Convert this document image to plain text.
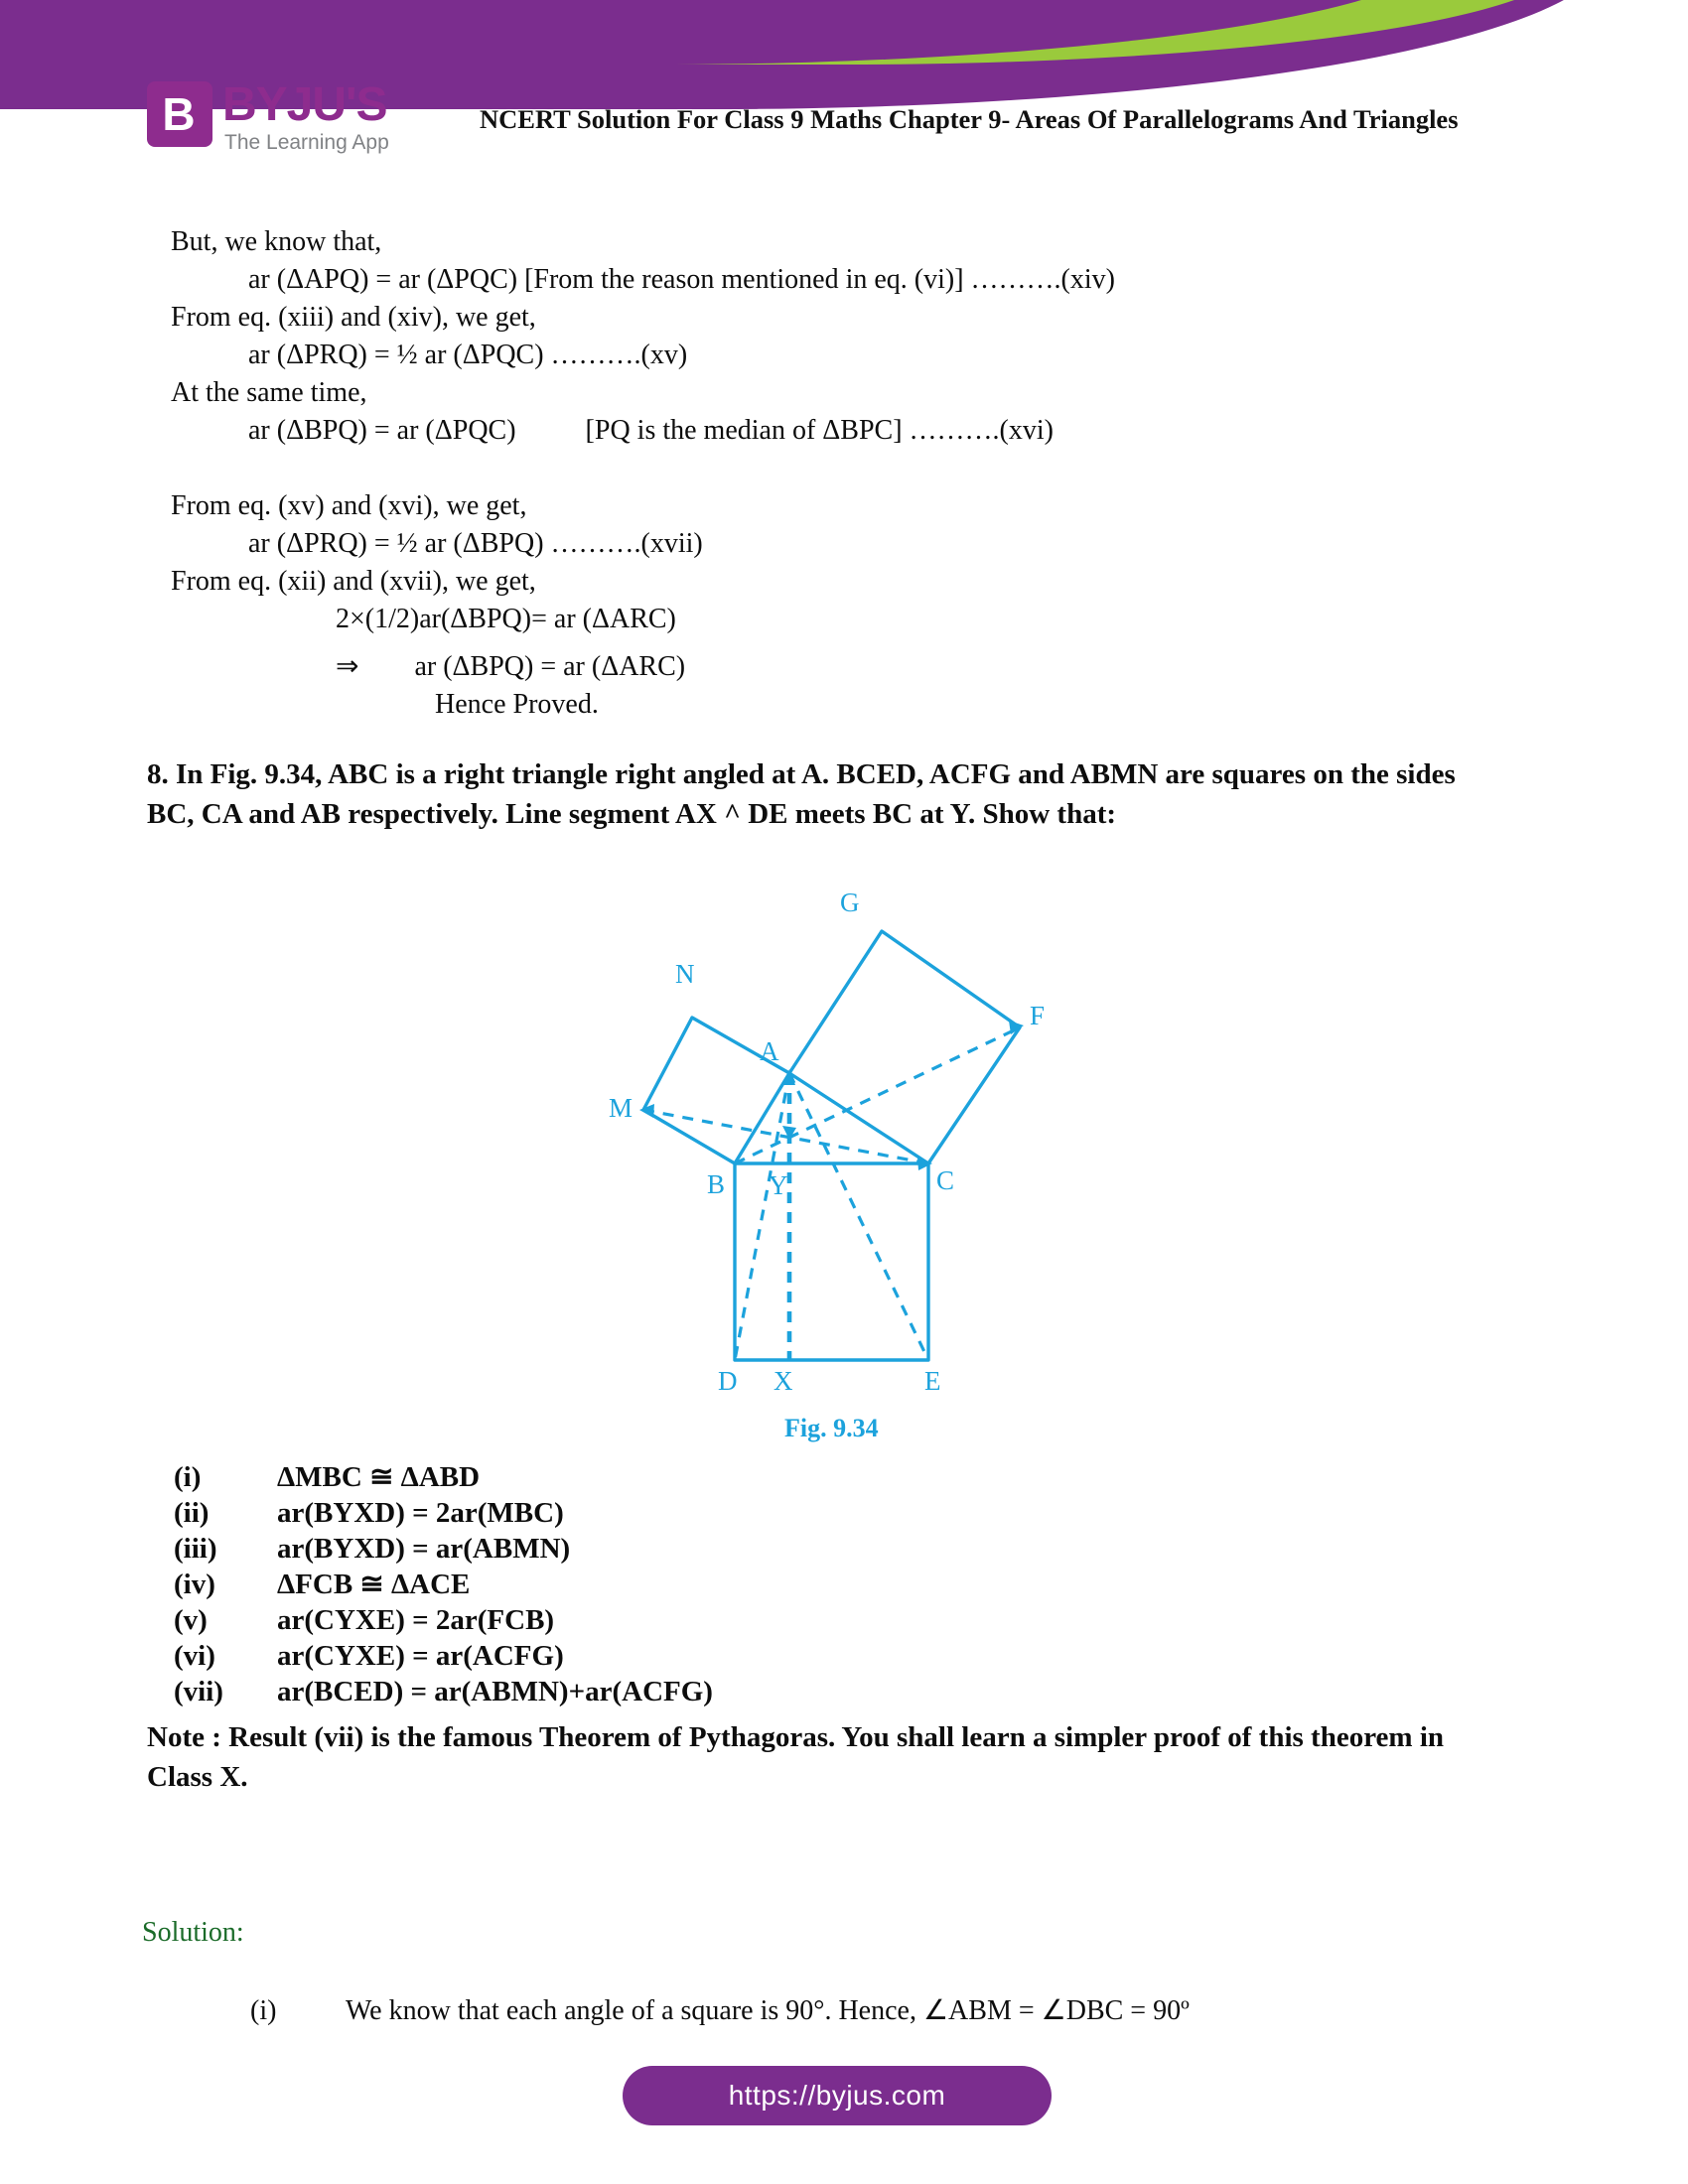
B BYJU'S
The Learning App
NCERT Solution For Class 9 Maths Chapter 9- Areas Of Parallelograms And Triangles
But, we know that,
ar (ΔAPQ) = ar (ΔPQC) [From the reason mentioned in eq. (vi)] ……….(xiv)
From eq. (xiii) and (xiv), we get,
ar (ΔPRQ) = ½ ar (ΔPQC) ……….(xv)
At the same time,
ar (ΔBPQ) = ar (ΔPQC)          [PQ is the median of ΔBPC] ……….(xvi)
From eq. (xv) and (xvi), we get,
ar (ΔPRQ) = ½ ar (ΔBPQ) ……….(xvii)
From eq. (xii) and (xvii), we get,
2×(1/2)ar(ΔBPQ)= ar (ΔARC)
⇒        ar (ΔBPQ) = ar (ΔARC)
Hence Proved.
8. In Fig. 9.34, ABC is a right triangle right angled at A. BCED, ACFG and ABMN are squares on the sides BC, CA and AB respectively. Line segment AX ^ DE meets BC at Y. Show that:
G
N
F
A
M
B Y	C
D X	E
Fig. 9.34
(i)	ΔMBC ≅ ΔABD
(ii) ar(BYXD) = 2ar(MBC)
(iii) ar(BYXD) = ar(ABMN)
(iv) ΔFCB ≅ ΔACE
(v) ar(CYXE) = 2ar(FCB)
(vi) ar(CYXE) = ar(ACFG)
(vii) ar(BCED) = ar(ABMN)+ar(ACFG)
Note : Result (vii) is the famous Theorem of Pythagoras. You shall learn a simpler proof of this theorem in Class X.
Solution:

(i) We know that each angle of a square is 90°. Hence, ∠ABM = ∠DBC = 90º

https://byjus.com
